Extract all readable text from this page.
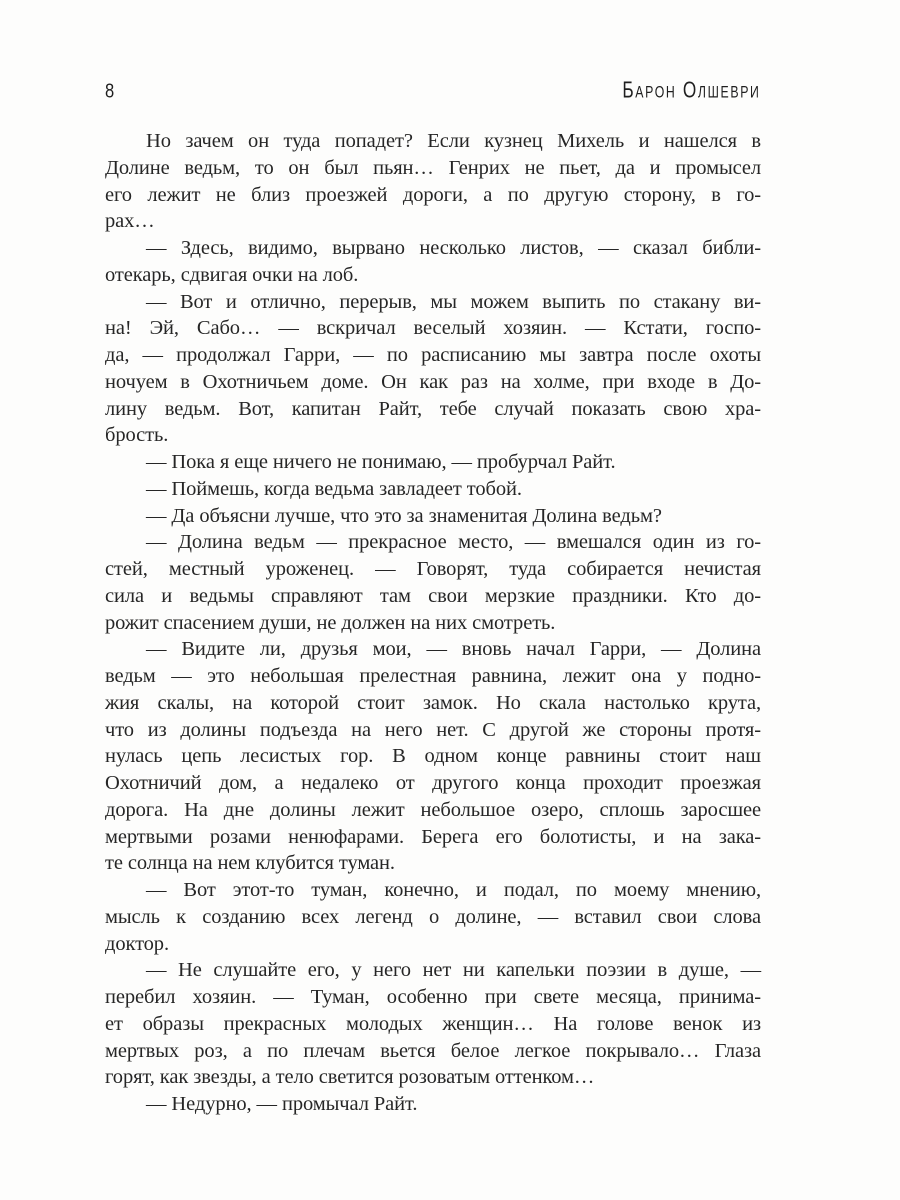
8	Барон Олшеври
Но зачем он туда попадет? Если кузнец Михель и нашелся в
Долине ведьм, то он был пьян… Генрих не пьет, да и промысел
его лежит не близ проезжей дороги, а по другую сторону, в го-
рах…
— Здесь, видимо, вырвано несколько листов, — сказал библи-
отекарь, сдвигая очки на лоб.
— Вот и отлично, перерыв, мы можем выпить по стакану ви-
на! Эй, Сабо… — вскричал веселый хозяин. — Кстати, госпо-
да, — продолжал Гарри, — по расписанию мы завтра после охоты
ночуем в Охотничьем доме. Он как раз на холме, при входе в До-
лину ведьм. Вот, капитан Райт, тебе случай показать свою хра-
брость.
— Пока я еще ничего не понимаю, — пробурчал Райт.
— Поймешь, когда ведьма завладеет тобой.
— Да объясни лучше, что это за знаменитая Долина ведьм?
— Долина ведьм — прекрасное место, — вмешался один из го-
стей, местный уроженец. — Говорят, туда собирается нечистая
сила и ведьмы справляют там свои мерзкие праздники. Кто до-
рожит спасением души, не должен на них смотреть.
— Видите ли, друзья мои, — вновь начал Гарри, — Долина
ведьм — это небольшая прелестная равнина, лежит она у подно-
жия скалы, на которой стоит замок. Но скала настолько крута,
что из долины подъезда на него нет. С другой же стороны протя-
нулась цепь лесистых гор. В одном конце равнины стоит наш
Охотничий дом, а недалеко от другого конца проходит проезжая
дорога. На дне долины лежит небольшое озеро, сплошь заросшее
мертвыми розами ненюфарами. Берега его болотисты, и на зака-
те солнца на нем клубится туман.
— Вот этот-то туман, конечно, и подал, по моему мнению,
мысль к созданию всех легенд о долине, — вставил свои слова
доктор.
— Не слушайте его, у него нет ни капельки поэзии в душе, —
перебил хозяин. — Туман, особенно при свете месяца, принима-
ет образы прекрасных молодых женщин… На голове венок из
мертвых роз, а по плечам вьется белое легкое покрывало… Глаза
горят, как звезды, а тело светится розоватым оттенком…
— Недурно, — промычал Райт.
